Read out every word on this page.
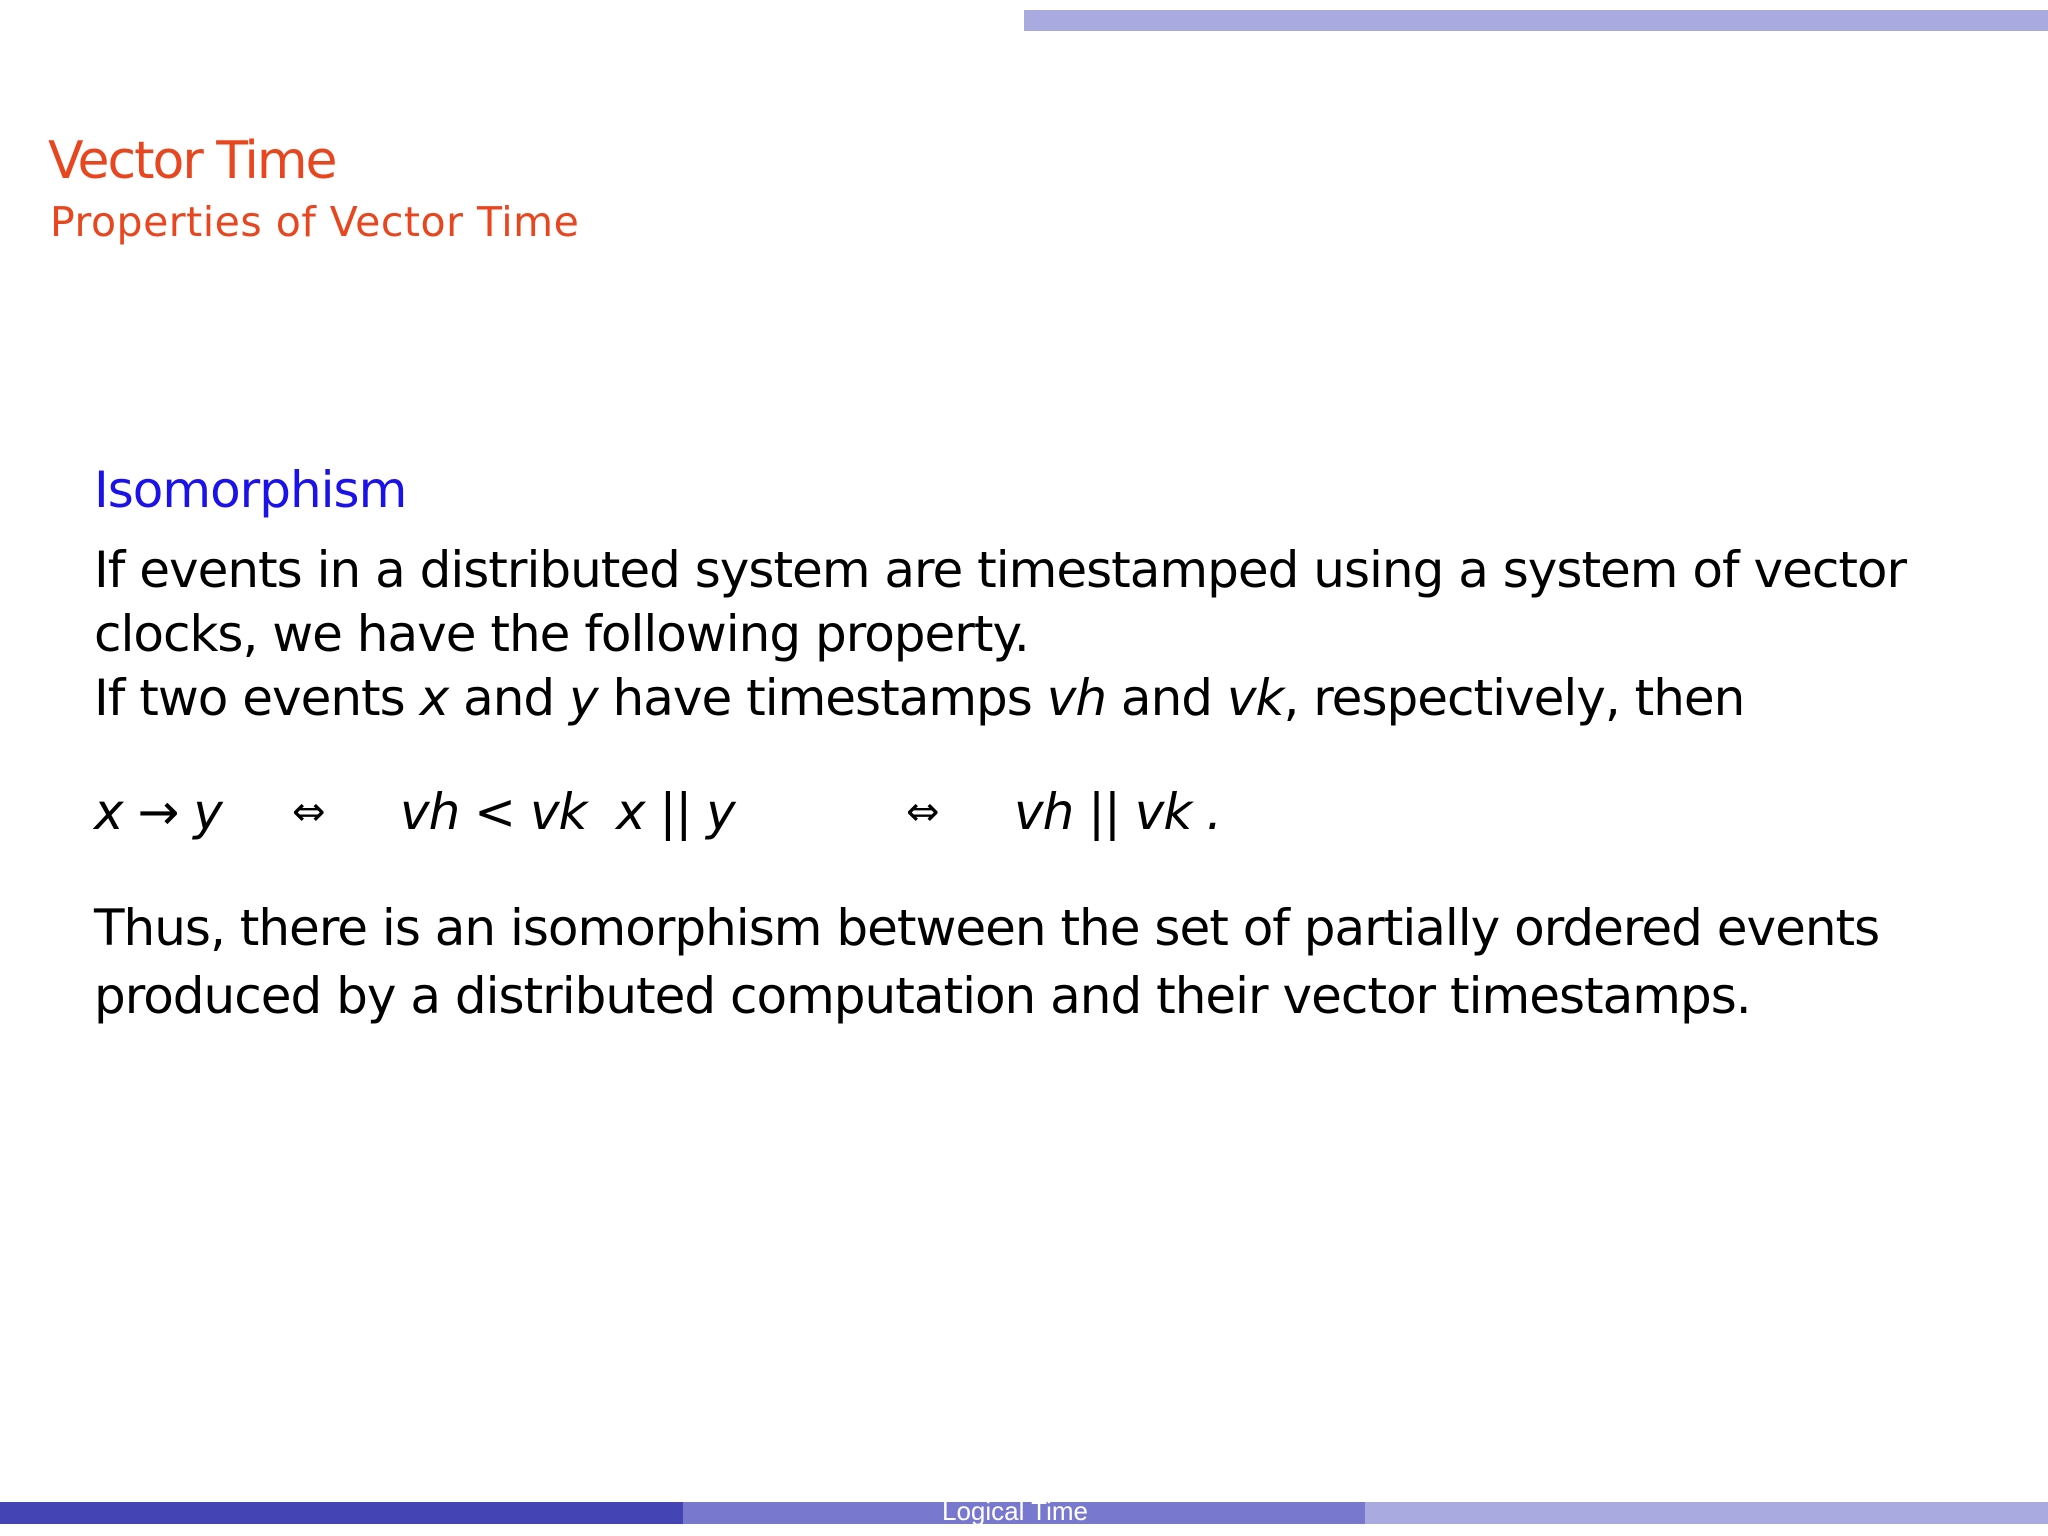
Vector Time
Properties of Vector Time
Isomorphism
If events in a distributed system are timestamped using a system of vector
clocks, we have the following property.
If two events x and y have timestamps vh and vk, respectively, then
x → y ⇔ vh < vk x || y	⇔ vh || vk .
Thus, there is an isomorphism between the set of partially ordered events
produced by a distributed computation and their vector timestamps.
Logical Time
